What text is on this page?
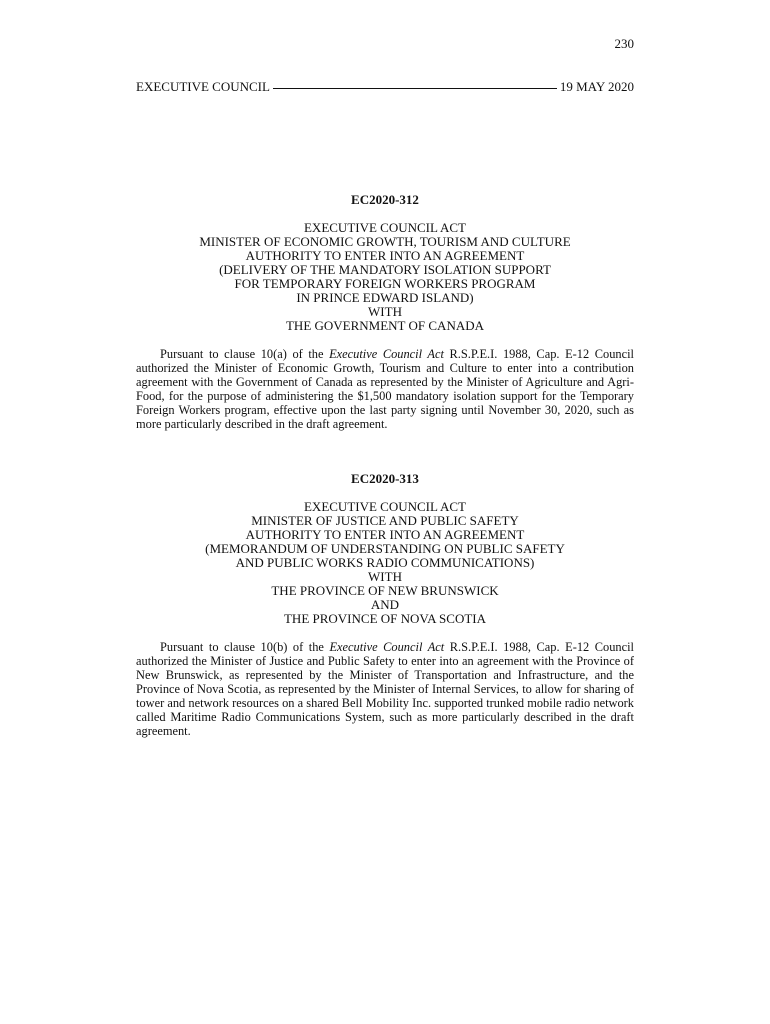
230
EXECUTIVE COUNCIL	19 MAY 2020
EC2020-312
EXECUTIVE COUNCIL ACT
MINISTER OF ECONOMIC GROWTH, TOURISM AND CULTURE
AUTHORITY TO ENTER INTO AN AGREEMENT
(DELIVERY OF THE MANDATORY ISOLATION SUPPORT
FOR TEMPORARY FOREIGN WORKERS PROGRAM
IN PRINCE EDWARD ISLAND)
WITH
THE GOVERNMENT OF CANADA

Pursuant to clause 10(a) of the Executive Council Act R.S.P.E.I. 1988, Cap. E-12 Council authorized the Minister of Economic Growth, Tourism and Culture to enter into a contribution agreement with the Government of Canada as represented by the Minister of Agriculture and Agri-Food, for the purpose of administering the $1,500 mandatory isolation support for the Temporary Foreign Workers program, effective upon the last party signing until November 30, 2020, such as more particularly described in the draft agreement.

EC2020-313
EXECUTIVE COUNCIL ACT
MINISTER OF JUSTICE AND PUBLIC SAFETY
AUTHORITY TO ENTER INTO AN AGREEMENT
(MEMORANDUM OF UNDERSTANDING ON PUBLIC SAFETY
AND PUBLIC WORKS RADIO COMMUNICATIONS)
WITH
THE PROVINCE OF NEW BRUNSWICK
AND
THE PROVINCE OF NOVA SCOTIA

Pursuant to clause 10(b) of the Executive Council Act R.S.P.E.I. 1988, Cap. E-12 Council authorized the Minister of Justice and Public Safety to enter into an agreement with the Province of New Brunswick, as represented by the Minister of Transportation and Infrastructure, and the Province of Nova Scotia, as represented by the Minister of Internal Services, to allow for sharing of tower and network resources on a shared Bell Mobility Inc. supported trunked mobile radio network called Maritime Radio Communications System, such as more particularly described in the draft agreement.
